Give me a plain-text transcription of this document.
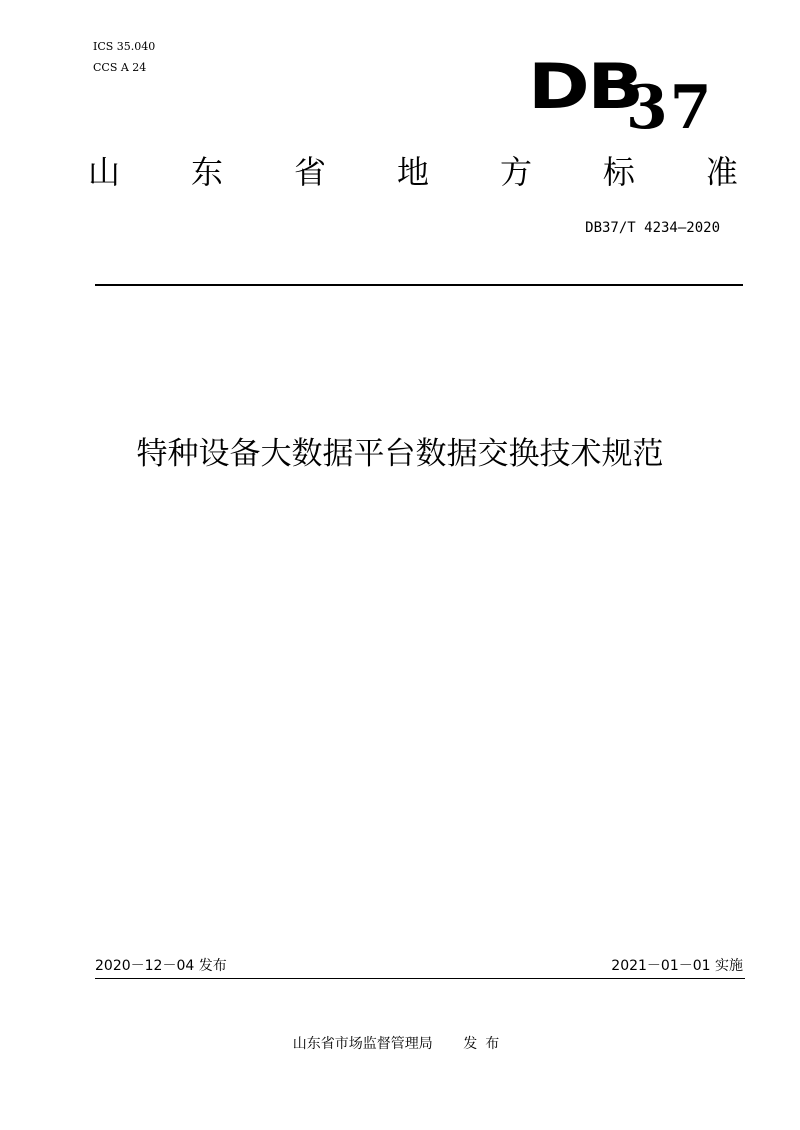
ICS 35.040
CCS A 24	DB
37
山 东 省 地 方 标 准
DB37/T 4234—2020
特种设备大数据平台数据交换技术规范
2020－12－04 发布	2021－01－01 实施
山东省市场监督管理局 发布
